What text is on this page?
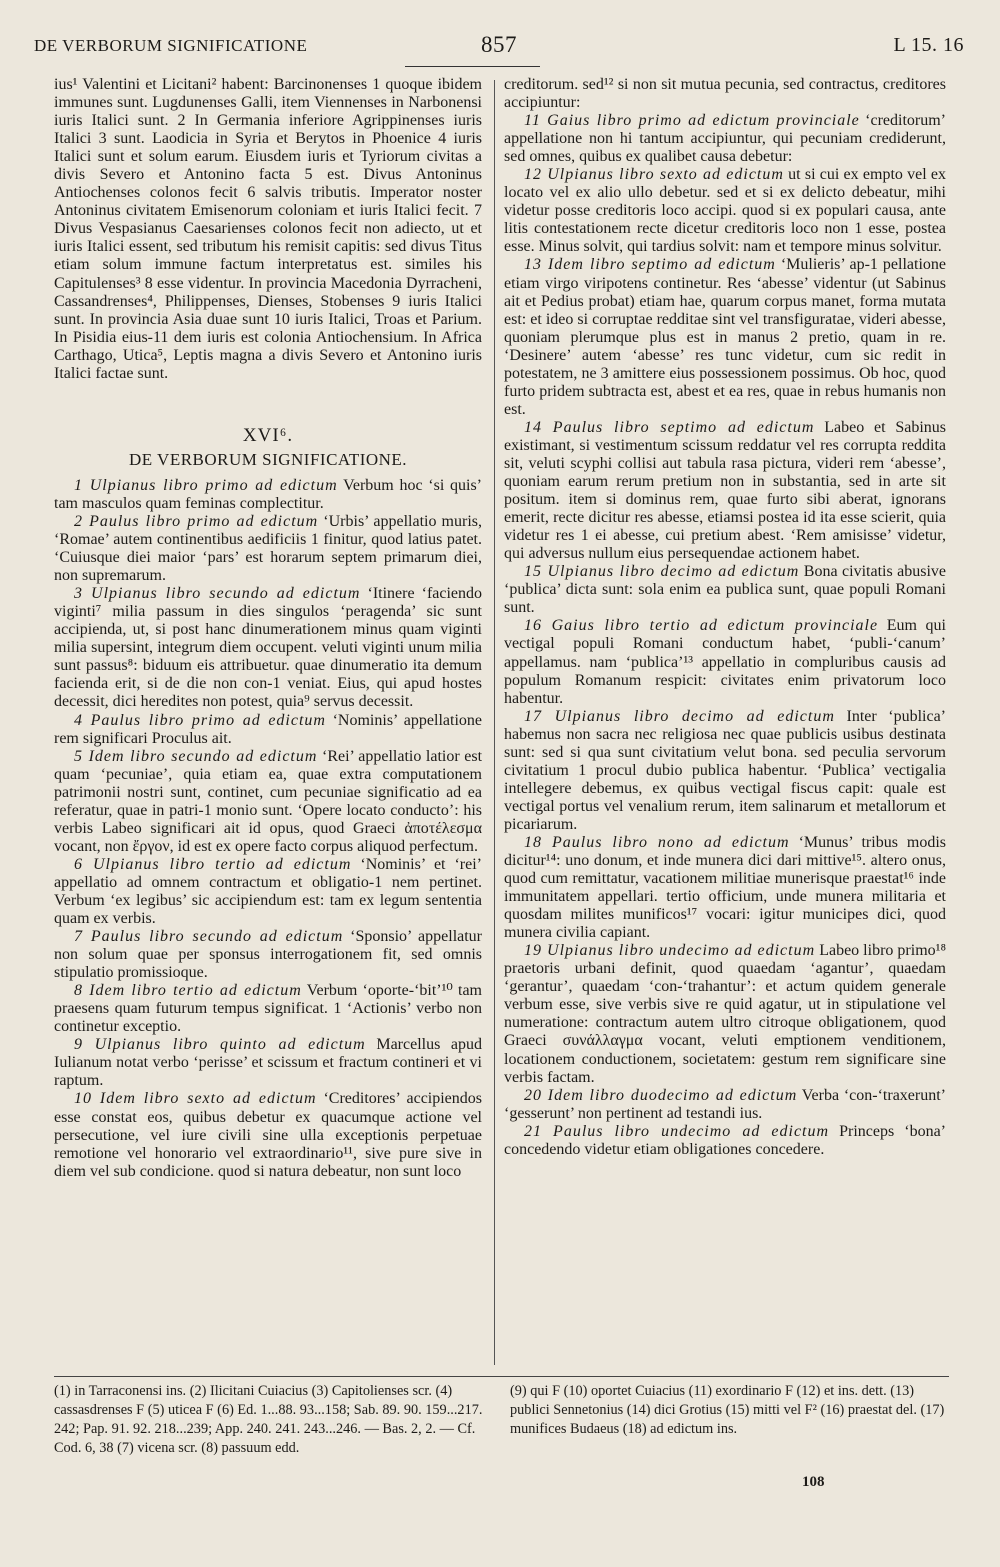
DE VERBORUM SIGNIFICATIONE	857	L 15. 16

ius¹ Valentini et Licitani² habent: Barcinonenses 1 quoque ibidem immunes sunt. Lugdunenses Galli, item Viennenses in Narbonensi iuris Italici sunt. 2 In Germania inferiore Agrippinenses iuris Italici 3 sunt. Laodicia in Syria et Berytos in Phoenice 4 iuris Italici sunt et solum earum. Eiusdem iuris et Tyriorum civitas a divis Severo et Antonino facta 5 est. Divus Antoninus Antiochenses colonos fecit 6 salvis tributis. Imperator noster Antoninus civitatem Emisenorum coloniam et iuris Italici fecit. 7 Divus Vespasianus Caesarienses colonos fecit non adiecto, ut et iuris Italici essent, sed tributum his remisit capitis: sed divus Titus etiam solum immune factum interpretatus est. similes his Capitulenses³ 8 esse videntur. In provincia Macedonia Dyrracheni, Cassandrenses⁴, Philippenses, Dienses, Stobenses 9 iuris Italici sunt. In provincia Asia duae sunt 10 iuris Italici, Troas et Parium. In Pisidia eius-11 dem iuris est colonia Antiochensium. In Africa Carthago, Utica⁵, Leptis magna a divis Severo et Antonino iuris Italici factae sunt.

XVI⁶.
DE VERBORUM SIGNIFICATIONE.

1 Ulpianus libro primo ad edictum Verbum hoc ‘si quis’ tam masculos quam feminas complectitur.

2 Paulus libro primo ad edictum ‘Urbis’ appellatio muris, ‘Romae’ autem continentibus aedificiis 1 finitur, quod latius patet. ‘Cuiusque diei maior ‘pars’ est horarum septem primarum diei, non supremarum.

3 Ulpianus libro secundo ad edictum ‘Itinere ‘faciendo viginti⁷ milia passum in dies singulos ‘peragenda’ sic sunt accipienda, ut, si post hanc dinumerationem minus quam viginti milia supersint, integrum diem occupent. veluti viginti unum milia sunt passus⁸: biduum eis attribuetur. quae dinumeratio ita demum facienda erit, si de die non con-1 veniat. Eius, qui apud hostes decessit, dici heredites non potest, quia⁹ servus decessit.

4 Paulus libro primo ad edictum ‘Nominis’ appellatione rem significari Proculus ait.

5 Idem libro secundo ad edictum ‘Rei’ appellatio latior est quam ‘pecuniae’, quia etiam ea, quae extra computationem patrimonii nostri sunt, continet, cum pecuniae significatio ad ea referatur, quae in patri-1 monio sunt. ‘Opere locato conducto’: his verbis Labeo significari ait id opus, quod Graeci ἀποτέλεσμα vocant, non ἔργον, id est ex opere facto corpus aliquod perfectum.

6 Ulpianus libro tertio ad edictum ‘Nominis’ et ‘rei’ appellatio ad omnem contractum et obligatio-1 nem pertinet. Verbum ‘ex legibus’ sic accipiendum est: tam ex legum sententia quam ex verbis.

7 Paulus libro secundo ad edictum ‘Sponsio’ appellatur non solum quae per sponsus interrogationem fit, sed omnis stipulatio promissioque.

8 Idem libro tertio ad edictum Verbum ‘oporte-‘bit’¹⁰ tam praesens quam futurum tempus significat. 1 ‘Actionis’ verbo non continetur exceptio.

9 Ulpianus libro quinto ad edictum Marcellus apud Iulianum notat verbo ‘perisse’ et scissum et fractum contineri et vi raptum.

10 Idem libro sexto ad edictum ‘Creditores’ accipiendos esse constat eos, quibus debetur ex quacumque actione vel persecutione, vel iure civili sine ulla exceptionis perpetuae remotione vel honorario vel extraordinario¹¹, sive pure sive in diem vel sub condicione. quod si natura debeatur, non sunt loco

creditorum. sed¹² si non sit mutua pecunia, sed contractus, creditores accipiuntur:

11 Gaius libro primo ad edictum provinciale ‘creditorum’ appellatione non hi tantum accipiuntur, qui pecuniam crediderunt, sed omnes, quibus ex qualibet causa debetur:

12 Ulpianus libro sexto ad edictum ut si cui ex empto vel ex locato vel ex alio ullo debetur. sed et si ex delicto debeatur, mihi videtur posse creditoris loco accipi. quod si ex populari causa, ante litis contestationem recte dicetur creditoris loco non 1 esse, postea esse. Minus solvit, qui tardius solvit: nam et tempore minus solvitur.

13 Idem libro septimo ad edictum ‘Mulieris’ ap-1 pellatione etiam virgo viripotens continetur. Res ‘abesse’ videntur (ut Sabinus ait et Pedius probat) etiam hae, quarum corpus manet, forma mutata est: et ideo si corruptae redditae sint vel transfiguratae, videri abesse, quoniam plerumque plus est in manus 2 pretio, quam in re. ‘Desinere’ autem ‘abesse’ res tunc videtur, cum sic redit in potestatem, ne 3 amittere eius possessionem possimus. Ob hoc, quod furto pridem subtracta est, abest et ea res, quae in rebus humanis non est.

14 Paulus libro septimo ad edictum Labeo et Sabinus existimant, si vestimentum scissum reddatur vel res corrupta reddita sit, veluti scyphi collisi aut tabula rasa pictura, videri rem ‘abesse’, quoniam earum rerum pretium non in substantia, sed in arte sit positum. item si dominus rem, quae furto sibi aberat, ignorans emerit, recte dicitur res abesse, etiamsi postea id ita esse scierit, quia videtur res 1 ei abesse, cui pretium abest. ‘Rem amisisse’ videtur, qui adversus nullum eius persequendae actionem habet.

15 Ulpianus libro decimo ad edictum Bona civitatis abusive ‘publica’ dicta sunt: sola enim ea publica sunt, quae populi Romani sunt.

16 Gaius libro tertio ad edictum provinciale Eum qui vectigal populi Romani conductum habet, ‘publi-‘canum’ appellamus. nam ‘publica’¹³ appellatio in compluribus causis ad populum Romanum respicit: civitates enim privatorum loco habentur.

17 Ulpianus libro decimo ad edictum Inter ‘publica’ habemus non sacra nec religiosa nec quae publicis usibus destinata sunt: sed si qua sunt civitatium velut bona. sed peculia servorum civitatium 1 procul dubio publica habentur. ‘Publica’ vectigalia intellegere debemus, ex quibus vectigal fiscus capit: quale est vectigal portus vel venalium rerum, item salinarum et metallorum et picariarum.

18 Paulus libro nono ad edictum ‘Munus’ tribus modis dicitur¹⁴: uno donum, et inde munera dici dari mittive¹⁵. altero onus, quod cum remittatur, vacationem militiae munerisque praestat¹⁶ inde immunitatem appellari. tertio officium, unde munera militaria et quosdam milites munificos¹⁷ vocari: igitur municipes dici, quod munera civilia capiant.

19 Ulpianus libro undecimo ad edictum Labeo libro primo¹⁸ praetoris urbani definit, quod quaedam ‘agantur’, quaedam ‘gerantur’, quaedam ‘con-‘trahantur’: et actum quidem generale verbum esse, sive verbis sive re quid agatur, ut in stipulatione vel numeratione: contractum autem ultro citroque obligationem, quod Graeci συνάλλαγμα vocant, veluti emptionem venditionem, locationem conductionem, societatem: gestum rem significare sine verbis factam.

20 Idem libro duodecimo ad edictum Verba ‘con-‘traxerunt’ ‘gesserunt’ non pertinent ad testandi ius.

21 Paulus libro undecimo ad edictum Princeps ‘bona’ concedendo videtur etiam obligationes concedere.

(1) in Tarraconensi ins. (2) Ilicitani Cuiacius (3) Capitolienses scr. (4) cassasdrenses F (5) uticea F (6) Ed. 1...88. 93...158; Sab. 89. 90. 159...217. 242; Pap. 91. 92. 218...239; App. 240. 241. 243...246. — Bas. 2, 2. — Cf. Cod. 6, 38 (7) vicena scr. (8) passuum edd.

(9) qui F (10) oportet Cuiacius (11) exordinario F (12) et ins. dett. (13) publici Sennetonius (14) dici Grotius (15) mitti vel F² (16) praestat del. (17) munifices Budaeus (18) ad edictum ins.

108
